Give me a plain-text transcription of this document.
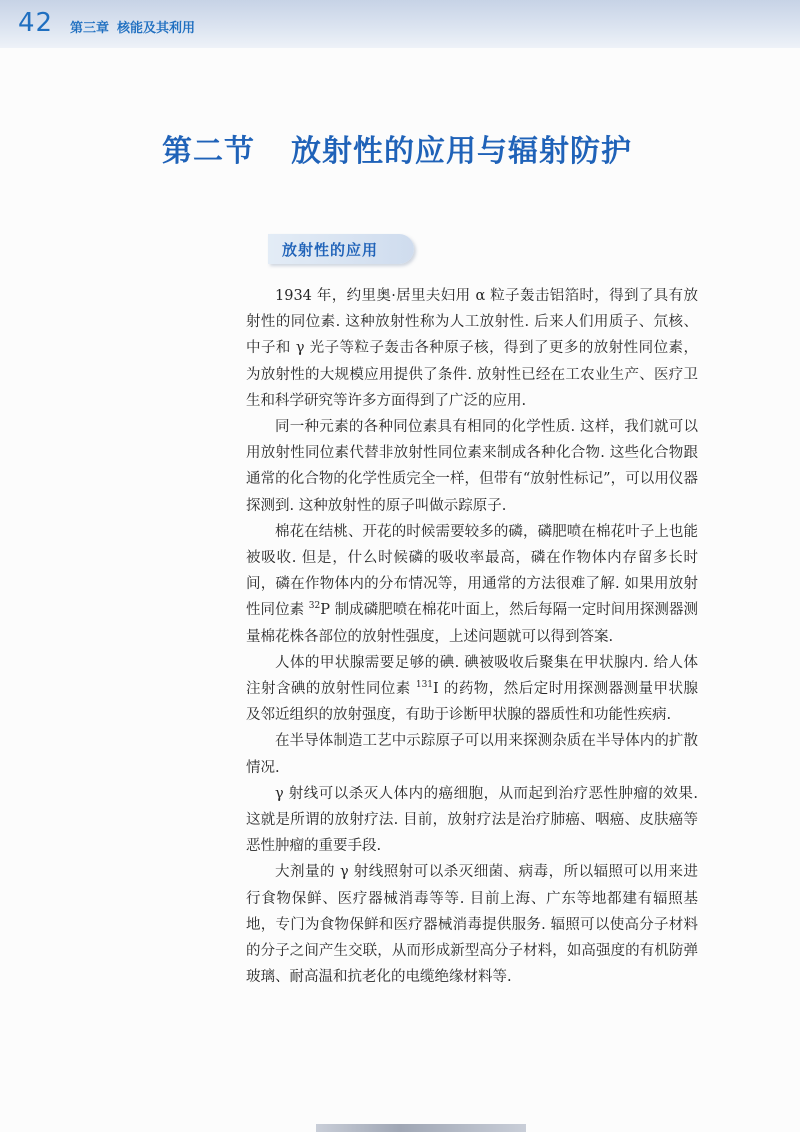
42 第三章 核能及其利用
第二节 放射性的应用与辐射防护
放射性的应用

1934 年，约里奥·居里夫妇用 α 粒子轰击铝箔时，得到了具有放射性的同位素. 这种放射性称为人工放射性. 后来人们用质子、氘核、中子和 γ 光子等粒子轰击各种原子核，得到了更多的放射性同位素，为放射性的大规模应用提供了条件. 放射性已经在工农业生产、医疗卫生和科学研究等许多方面得到了广泛的应用.

同一种元素的各种同位素具有相同的化学性质. 这样，我们就可以用放射性同位素代替非放射性同位素来制成各种化合物. 这些化合物跟通常的化合物的化学性质完全一样，但带有“放射性标记”，可以用仪器探测到. 这种放射性的原子叫做示踪原子.

棉花在结桃、开花的时候需要较多的磷，磷肥喷在棉花叶子上也能被吸收. 但是，什么时候磷的吸收率最高，磷在作物体内存留多长时间，磷在作物体内的分布情况等，用通常的方法很难了解. 如果用放射性同位素 $^{32}$P 制成磷肥喷在棉花叶面上，然后每隔一定时间用探测器测量棉花株各部位的放射性强度，上述问题就可以得到答案.

人体的甲状腺需要足够的碘. 碘被吸收后聚集在甲状腺内. 给人体注射含碘的放射性同位素 $^{131}$I 的药物，然后定时用探测器测量甲状腺及邻近组织的放射强度，有助于诊断甲状腺的器质性和功能性疾病.

在半导体制造工艺中示踪原子可以用来探测杂质在半导体内的扩散情况.

γ 射线可以杀灭人体内的癌细胞，从而起到治疗恶性肿瘤的效果. 这就是所谓的放射疗法. 目前，放射疗法是治疗肺癌、咽癌、皮肤癌等恶性肿瘤的重要手段.

大剂量的 γ 射线照射可以杀灭细菌、病毒，所以辐照可以用来进行食物保鲜、医疗器械消毒等等. 目前上海、广东等地都建有辐照基地，专门为食物保鲜和医疗器械消毒提供服务. 辐照可以使高分子材料的分子之间产生交联，从而形成新型高分子材料，如高强度的有机防弹玻璃、耐高温和抗老化的电缆绝缘材料等.
